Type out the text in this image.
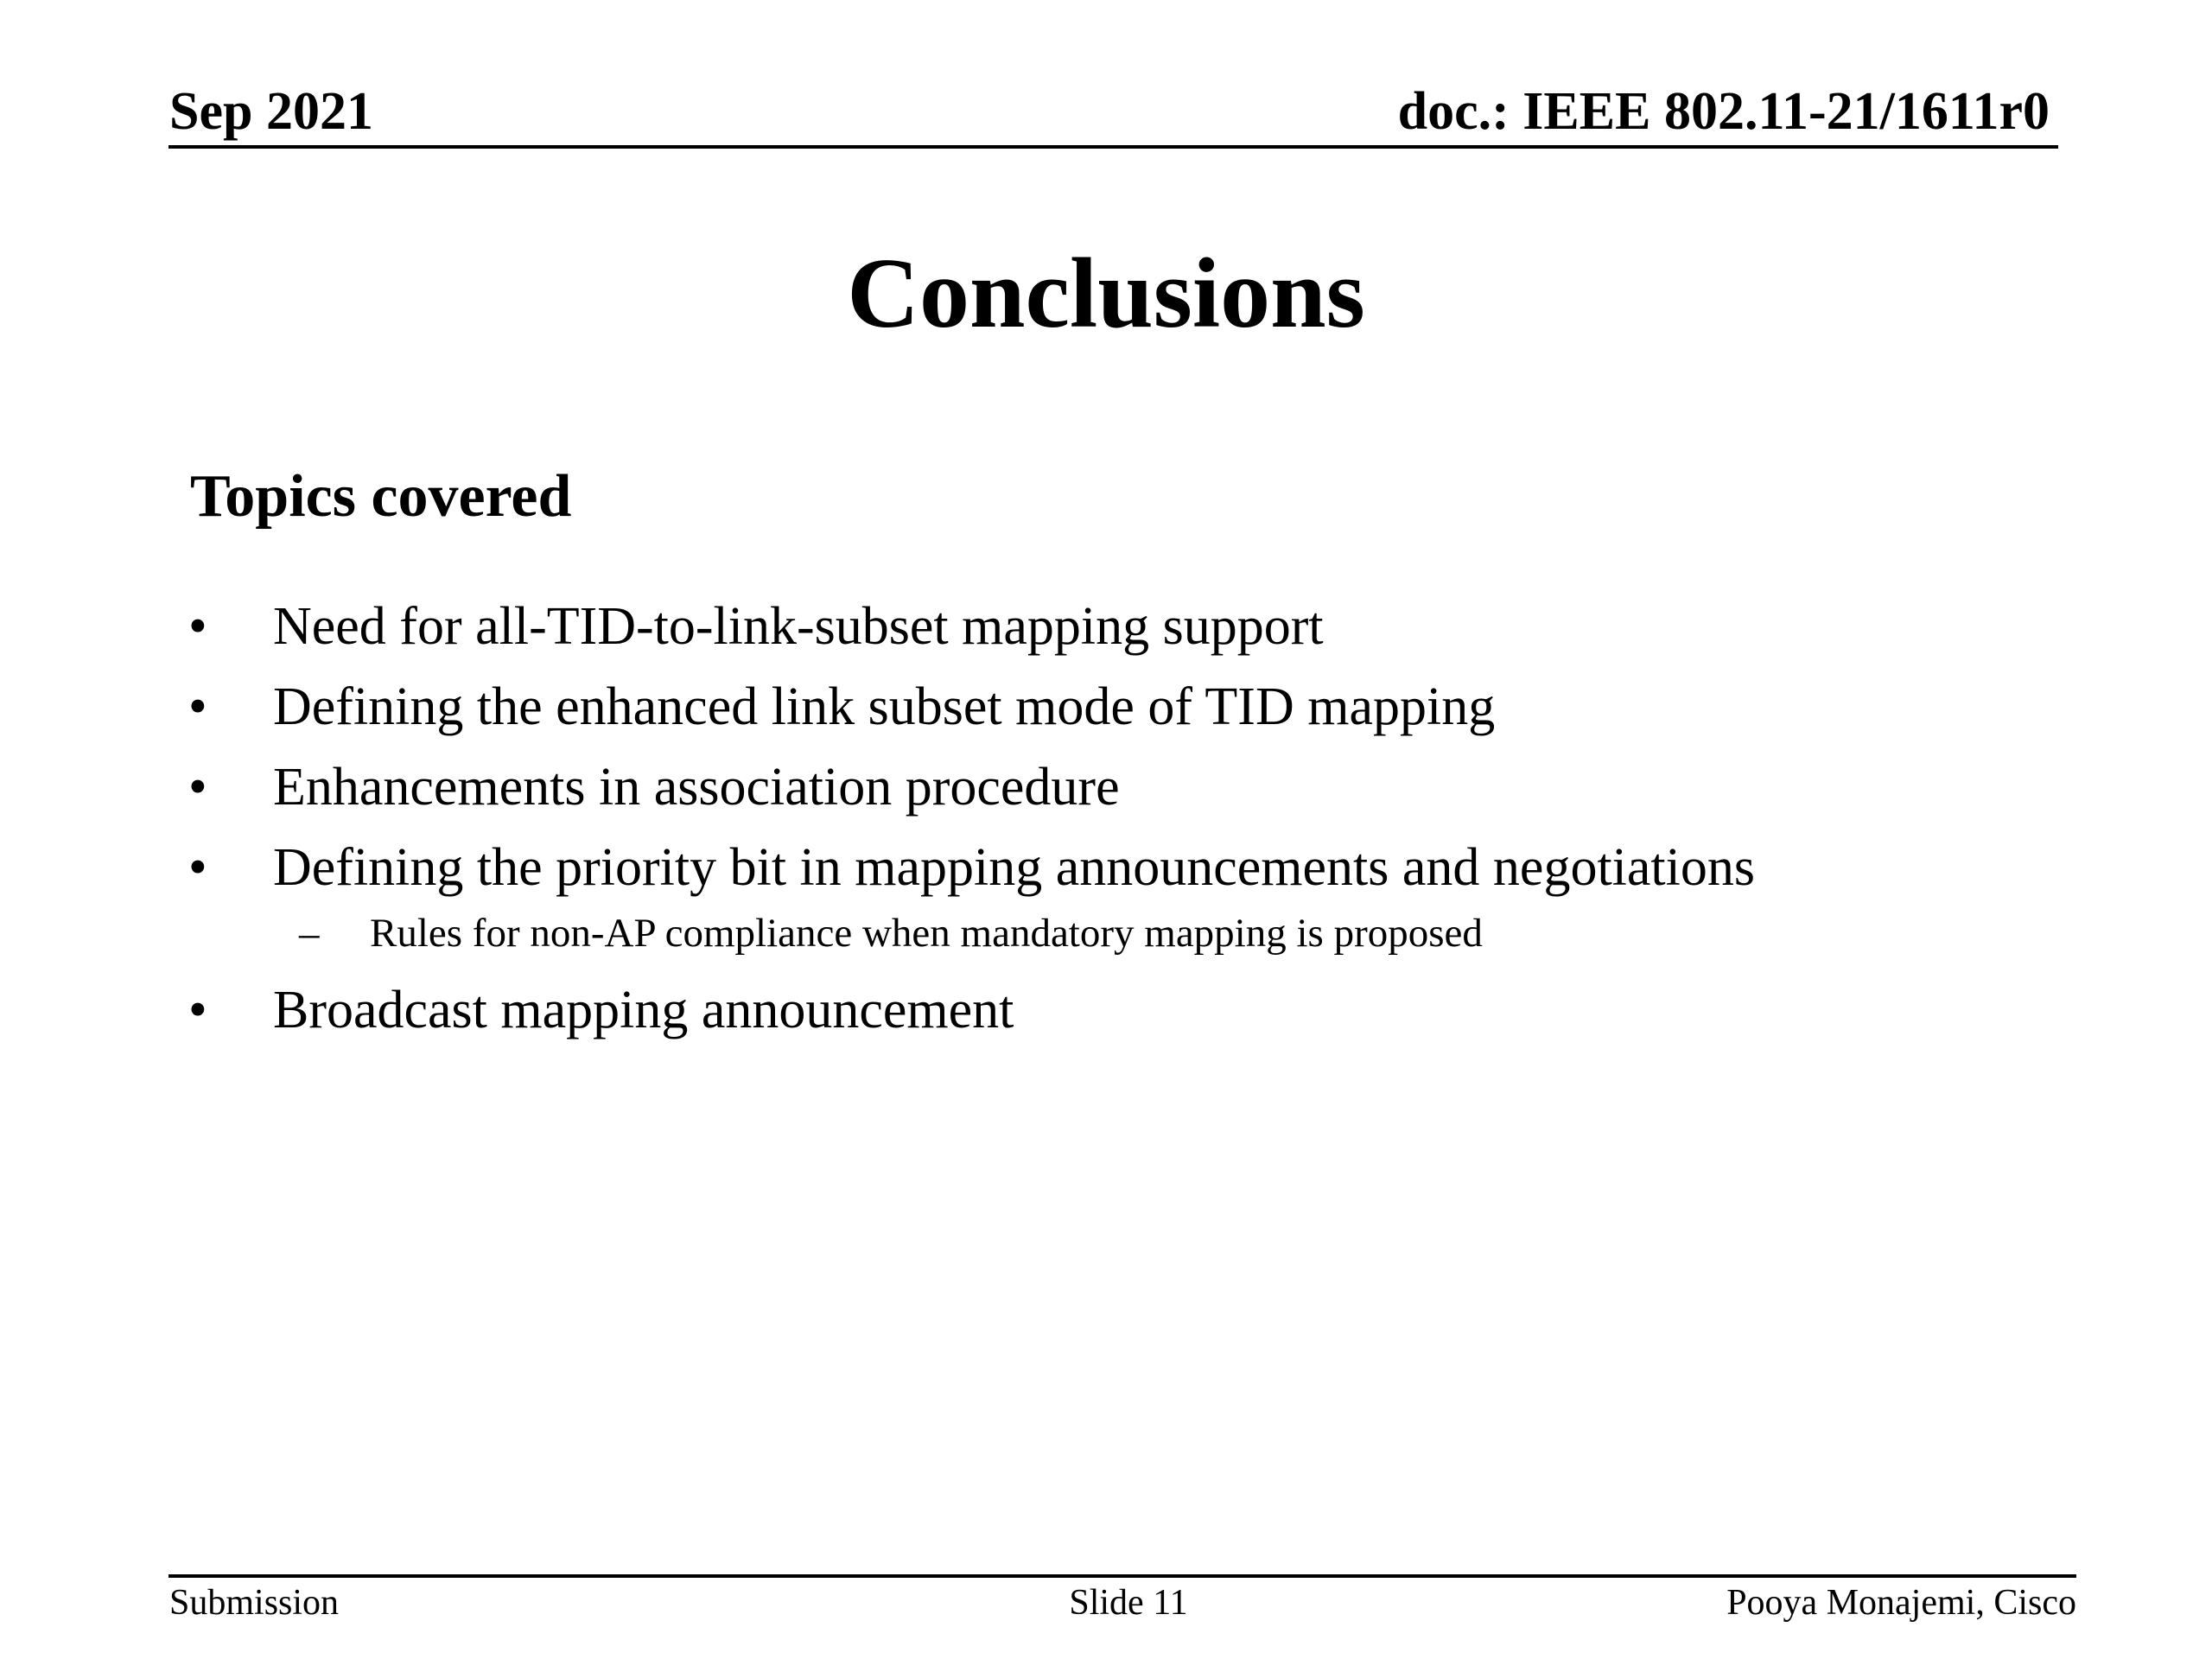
Sep 2021	doc.: IEEE 802.11-21/1611r0
Conclusions
Topics covered
• Need for all-TID-to-link-subset mapping support
• Defining the enhanced link subset mode of TID mapping
• Enhancements in association procedure
• Defining the priority bit in mapping announcements and negotiations
– Rules for non-AP compliance when mandatory mapping is proposed
• Broadcast mapping announcement
Submission	Slide 11	Pooya Monajemi, Cisco
